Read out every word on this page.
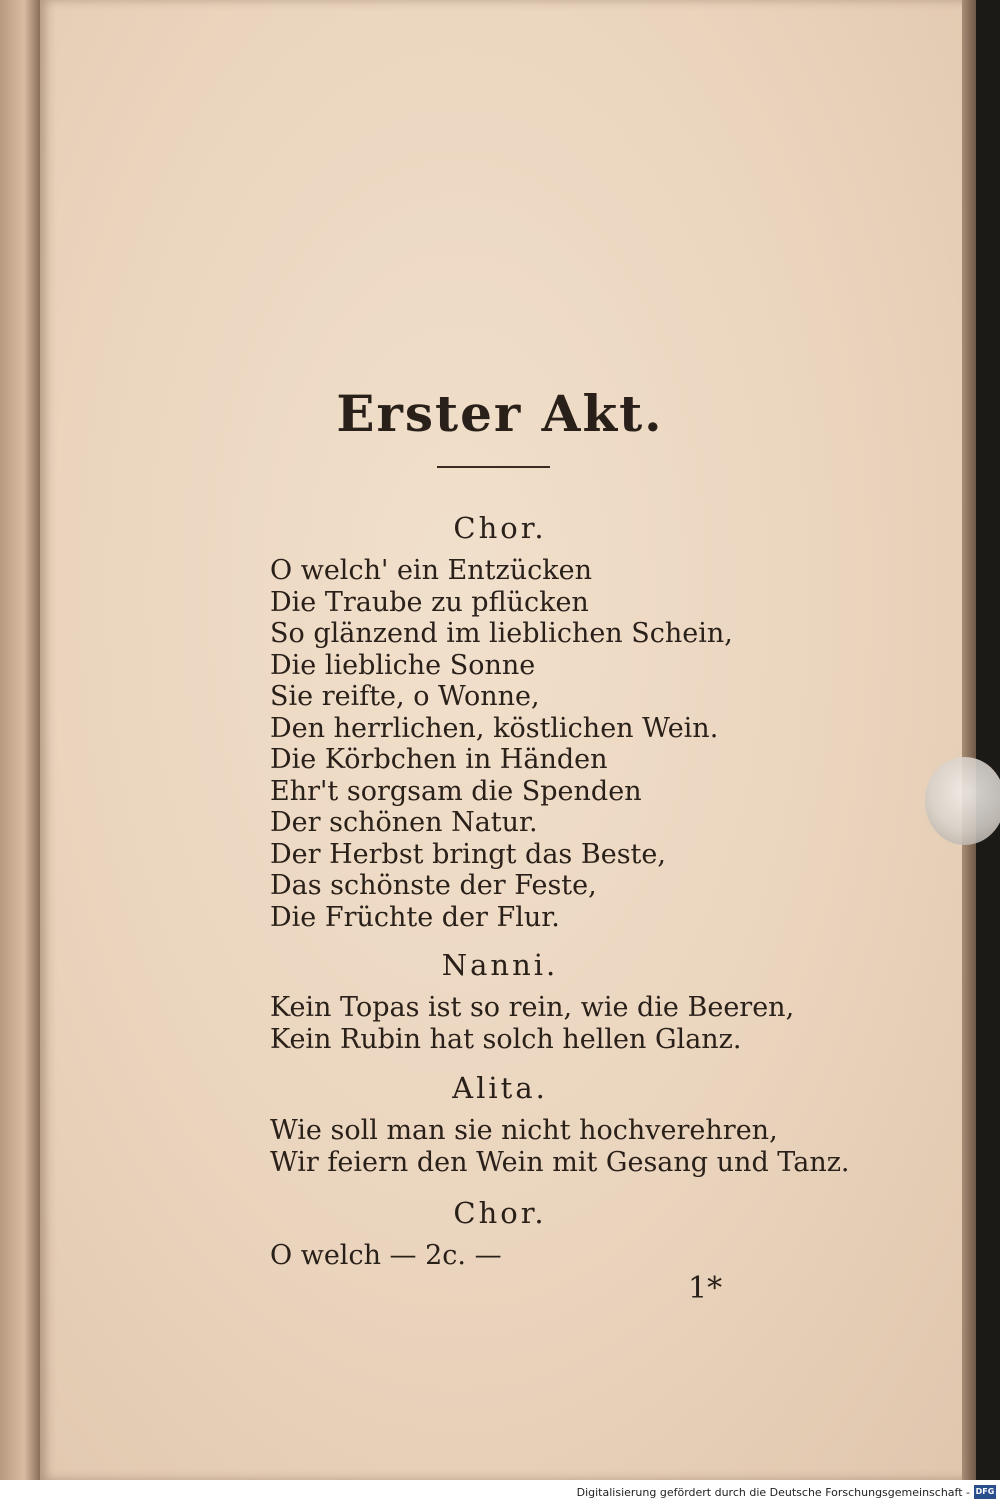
Erster Akt.
Chor.
O welch' ein Entzücken
Die Traube zu pflücken
So glänzend im lieblichen Schein,
Die liebliche Sonne
Sie reifte, o Wonne,
Den herrlichen, köstlichen Wein.
Die Körbchen in Händen
Ehr't sorgsam die Spenden
Der schönen Natur.
Der Herbst bringt das Beste,
Das schönste der Feste,
Die Früchte der Flur.
Nanni.
Kein Topas ist so rein, wie die Beeren,
Kein Rubin hat solch hellen Glanz.
Alita.
Wie soll man sie nicht hochverehren,
Wir feiern den Wein mit Gesang und Tanz.
Chor.
O welch — 2c. —
1*
Digitalisierung gefördert durch die Deutsche Forschungsgemeinschaft - DFG
